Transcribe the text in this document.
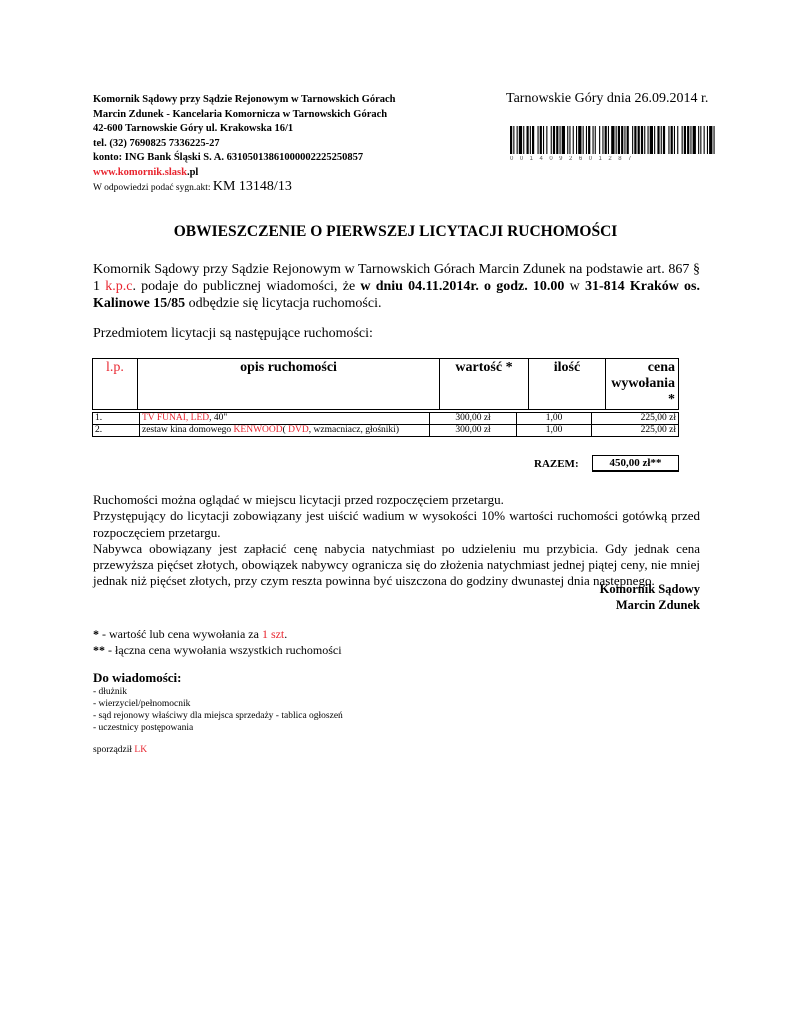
Komornik Sądowy przy Sądzie Rejonowym w Tarnowskich Górach
Marcin Zdunek - Kancelaria Komornicza w Tarnowskich Górach
42-600 Tarnowskie Góry ul. Krakowska 16/1
tel. (32) 7690825 7336225-27
konto: ING Bank Śląski S. A. 63105013861000002225250857
www.komornik.slask.pl
W odpowiedzi podać sygn.akt: KM 13148/13
Tarnowskie Góry dnia 26.09.2014 r.
0014092601287
OBWIESZCZENIE O PIERWSZEJ LICYTACJI RUCHOMOŚCI
Komornik Sądowy przy Sądzie Rejonowym w Tarnowskich Górach Marcin Zdunek na podstawie art. 867 § 1 k.p.c. podaje do publicznej wiadomości, że w dniu 04.11.2014r. o godz. 10.00 w 31-814 Kraków os. Kalinowe 15/85 odbędzie się licytacja ruchomości.
Przedmiotem licytacji są następujące ruchomości:
l.p.	opis ruchomości	wartość *	ilość	cena wywołania *
1.	TV FUNAI, LED, 40"	300,00 zł	1,00	225,00 zł
2.	zestaw kina domowego KENWOOD( DVD, wzmacniacz, głośniki)	300,00 zł	1,00	225,00 zł
RAZEM:	450,00 zł**
Ruchomości można oglądać w miejscu licytacji przed rozpoczęciem przetargu.
Przystępujący do licytacji zobowiązany jest uiścić wadium w wysokości 10% wartości ruchomości gotówką przed rozpoczęciem przetargu.
Nabywca obowiązany jest zapłacić cenę nabycia natychmiast po udzieleniu mu przybicia. Gdy jednak cena przewyższa pięćset złotych, obowiązek nabywcy ogranicza się do złożenia natychmiast jednej piątej ceny, nie mniej jednak niż pięćset złotych, przy czym reszta powinna być uiszczona do godziny dwunastej dnia następnego.
Komornik Sądowy
Marcin Zdunek
* - wartość lub cena wywołania za 1 szt.
** - łączna cena wywołania wszystkich ruchomości
Do wiadomości:
- dłużnik
- wierzyciel/pełnomocnik
- sąd rejonowy właściwy dla miejsca sprzedaży - tablica ogłoszeń
- uczestnicy postępowania
sporządził LK
